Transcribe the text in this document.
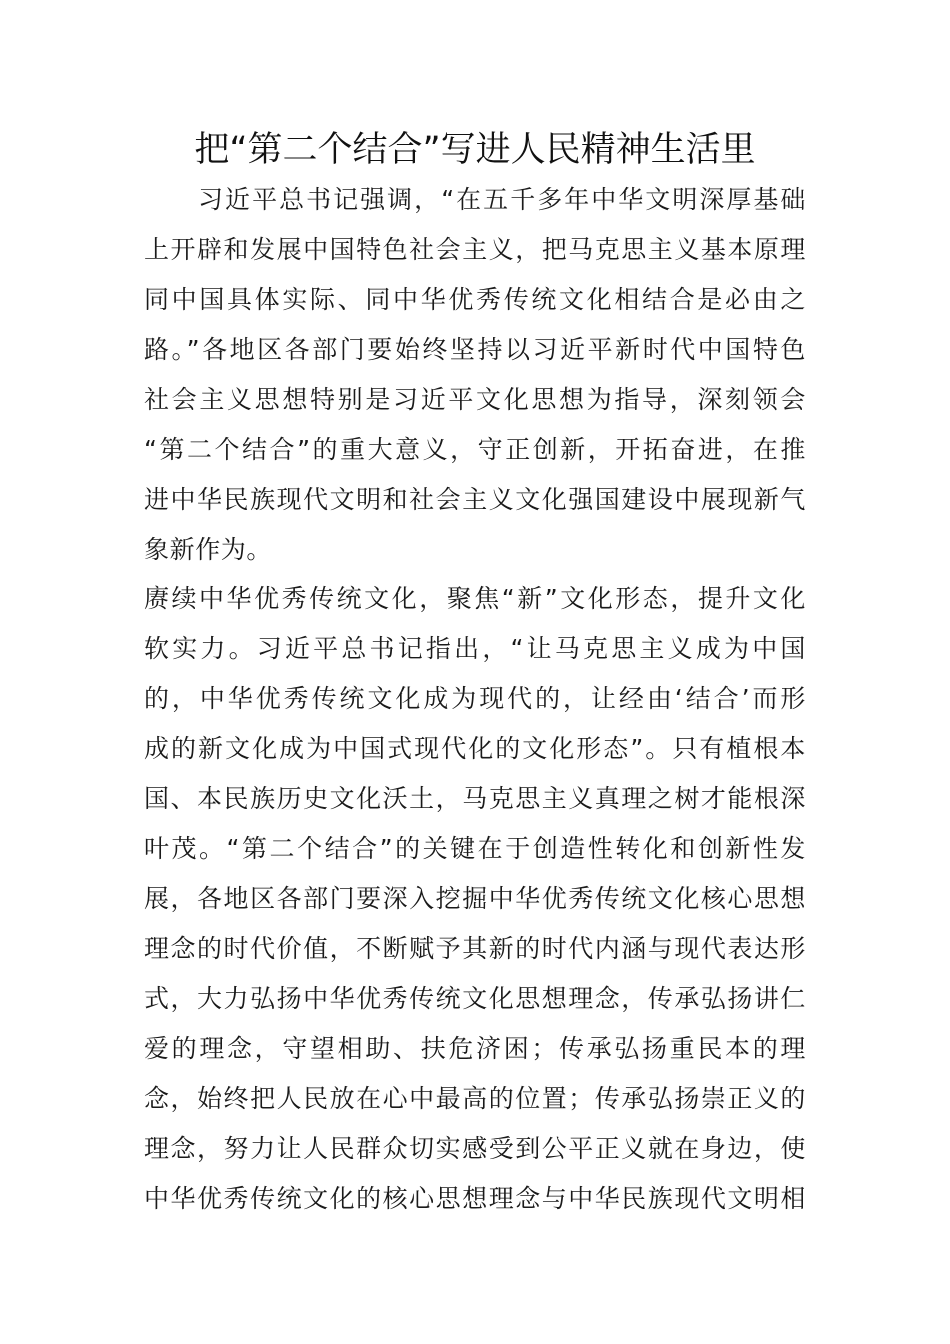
把“第二个结合”写进人民精神生活里
　　习近平总书记强调，“在五千多年中华文明深厚基础
上开辟和发展中国特色社会主义，把马克思主义基本原理
同中国具体实际、同中华优秀传统文化相结合是必由之
路。”各地区各部门要始终坚持以习近平新时代中国特色
社会主义思想特别是习近平文化思想为指导，深刻领会
“第二个结合”的重大意义，守正创新，开拓奋进，在推
进中华民族现代文明和社会主义文化强国建设中展现新气
象新作为。
赓续中华优秀传统文化，聚焦“新”文化形态，提升文化
软实力。习近平总书记指出，“让马克思主义成为中国
的，中华优秀传统文化成为现代的，让经由‘结合’而形
成的新文化成为中国式现代化的文化形态”。只有植根本
国、本民族历史文化沃土，马克思主义真理之树才能根深
叶茂。“第二个结合”的关键在于创造性转化和创新性发
展，各地区各部门要深入挖掘中华优秀传统文化核心思想
理念的时代价值，不断赋予其新的时代内涵与现代表达形
式，大力弘扬中华优秀传统文化思想理念，传承弘扬讲仁
爱的理念，守望相助、扶危济困；传承弘扬重民本的理
念，始终把人民放在心中最高的位置；传承弘扬崇正义的
理念，努力让人民群众切实感受到公平正义就在身边，使
中华优秀传统文化的核心思想理念与中华民族现代文明相
